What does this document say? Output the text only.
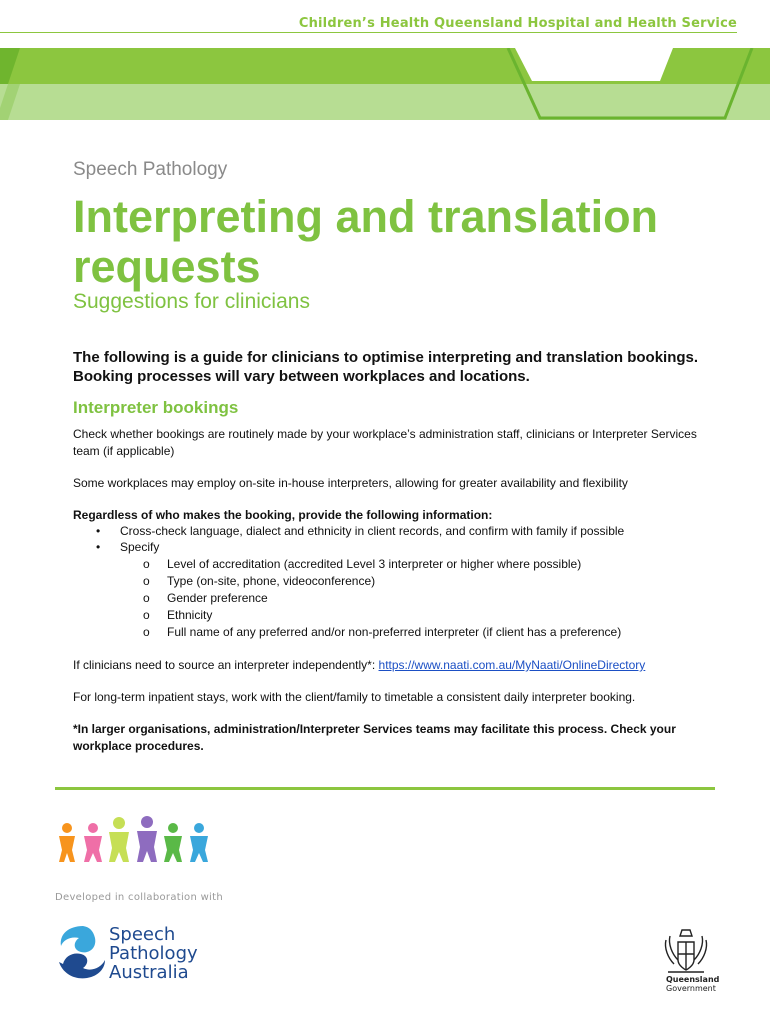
Children’s Health Queensland Hospital and Health Service
Speech Pathology
Interpreting and translation requests
Suggestions for clinicians
The following is a guide for clinicians to optimise interpreting and translation bookings. Booking processes will vary between workplaces and locations.
Interpreter bookings
Check whether bookings are routinely made by your workplace’s administration staff, clinicians or Interpreter Services team (if applicable)
Some workplaces may employ on-site in-house interpreters, allowing for greater availability and flexibility
Regardless of who makes the booking, provide the following information:
• Cross-check language, dialect and ethnicity in client records, and confirm with family if possible
• Specify
o Level of accreditation (accredited Level 3 interpreter or higher where possible)
o Type (on-site, phone, videoconference)
o Gender preference
o Ethnicity
o Full name of any preferred and/or non-preferred interpreter (if client has a preference)
If clinicians need to source an interpreter independently*: https://www.naati.com.au/MyNaati/OnlineDirectory
For long-term inpatient stays, work with the client/family to timetable a consistent daily interpreter booking.
*In larger organisations, administration/Interpreter Services teams may facilitate this process. Check your workplace procedures.
Developed in collaboration with
Speech
Pathology
Australia	Queensland
Government
